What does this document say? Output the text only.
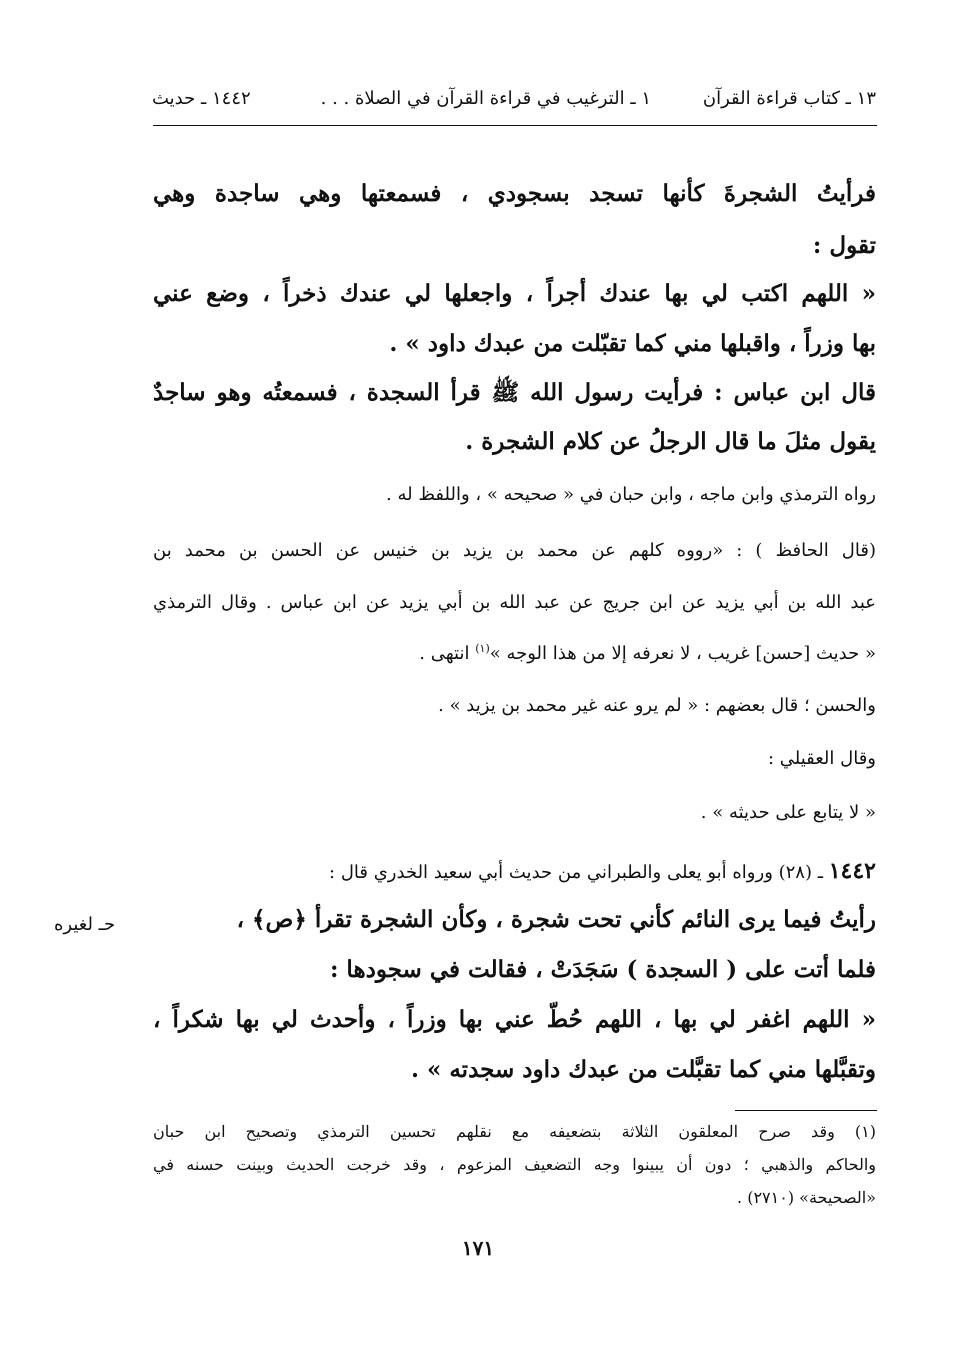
١٣ ـ كتاب قراءة القرآن
١ ـ الترغيب في قراءة القرآن في الصلاة . . .
١٤٤٢ ـ حديث
فرأيتُ الشجرةَ كأنها تسجد بسجودي ، فسمعتها وهي ساجدة وهي
تقول :
« اللهم اكتب لي بها عندك أجراً ، واجعلها لي عندك ذخراً ، وضع عني
بها وزراً ، واقبلها مني كما تقبّلت من عبدك داود » .
قال ابن عباس : فرأيت رسول الله ﷺ قرأ السجدة ، فسمعتُه وهو ساجدٌ
يقول مثلَ ما قال الرجلُ عن كلام الشجرة .
رواه الترمذي وابن ماجه ، وابن حبان في « صحيحه » ، واللفظ له .
(قال الحافظ ) : «رووه كلهم عن محمد بن يزيد بن خنيس عن الحسن بن محمد بن
عبد الله بن أبي يزيد عن ابن جريج عن عبد الله بن أبي يزيد عن ابن عباس . وقال الترمذي
« حديث [حسن] غريب ، لا نعرفه إلا من هذا الوجه »$^{(١)}$ انتهى .
والحسن ؛ قال بعضهم : « لم يرو عنه غير محمد بن يزيد » .
وقال العقيلي :
« لا يتابع على حديثه » .
١٤٤٢ ـ (٢٨) ورواه أبو يعلى والطبراني من حديث أبي سعيد الخدري قال :
رأيتُ فيما يرى النائم كأني تحت شجرة ، وكأن الشجرة تقرأ ﴿ص﴾ ،
حـ لغيره
فلما أتت على ( السجدة ) سَجَدَتْ ، فقالت في سجودها :
« اللهم اغفر لي بها ، اللهم حُطّ عني بها وزراً ، وأحدث لي بها شكراً ،
وتقبَّلها مني كما تقبَّلت من عبدك داود سجدته » .
(١) وقد صرح المعلقون الثلاثة بتضعيفه مع نقلهم تحسين الترمذي وتصحيح ابن حبان
والحاكم والذهبي ؛ دون أن يبينوا وجه التضعيف المزعوم ، وقد خرجت الحديث وبينت حسنه في
«الصحيحة» (٢٧١٠) .
١٧١
